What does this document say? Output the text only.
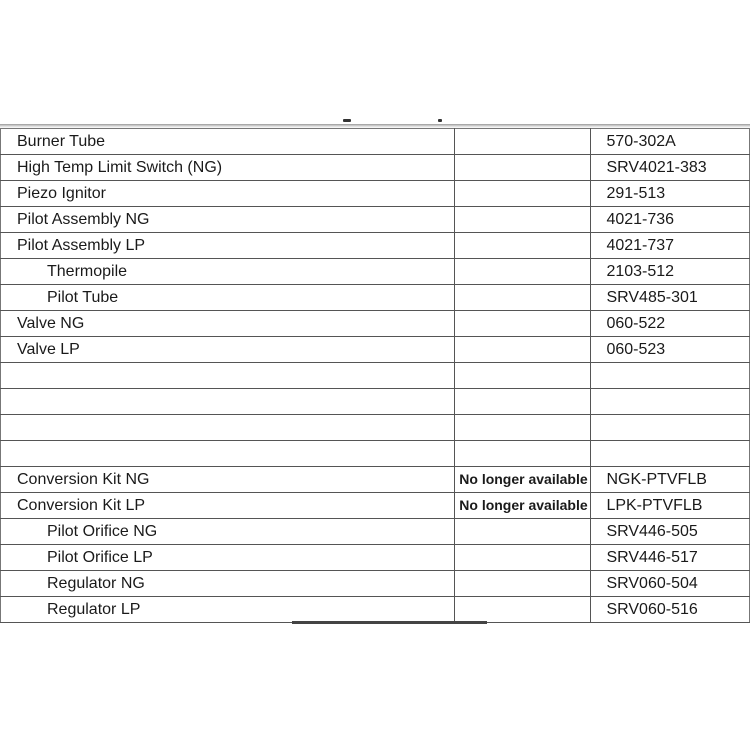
Burner Tube		570-302A
High Temp Limit Switch (NG)		SRV4021-383
Piezo Ignitor		291-513
Pilot Assembly NG		4021-736
Pilot Assembly LP		4021-737
Thermopile		2103-512
Pilot Tube		SRV485-301
Valve NG		060-522
Valve LP		060-523

Conversion Kit NG	No longer available	NGK-PTVFLB
Conversion Kit LP	No longer available	LPK-PTVFLB
Pilot Orifice NG		SRV446-505
Pilot Orifice LP		SRV446-517
Regulator NG		SRV060-504
Regulator LP		SRV060-516
